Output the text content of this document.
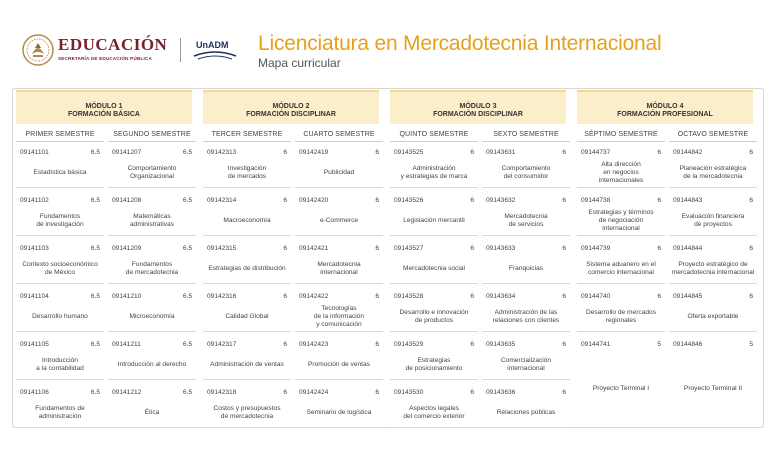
EDUCACIÓN
SECRETARÍA DE EDUCACIÓN PÚBLICA
UnADM Licenciatura en Mercadotecnia Internacional
Mapa curricular
MÓDULO 1
FORMACIÓN BÁSICA
MÓDULO 2
FORMACIÓN DISCIPLINAR
MÓDULO 3
FORMACIÓN DISCIPLINAR
MÓDULO 4
FORMACIÓN PROFESIONAL
PRIMER SEMESTRE
09141101	6.5
Estadística básica
09141102	6.5
Fundamentos
de investigación
09141103	6.5
Contexto socioeconómico
de México
09141104	6.5
Desarrollo humano
09141105	6.5
Introducción
a la contabilidad
09141106	6.5
Fundamentos de
administración
SEGUNDO SEMESTRE
09141207	6.5
Comportamiento
Organizacional
09141208	6.5
Matemáticas
administrativas
09141209	6.5
Fundamentos
de mercadotecnia
09141210	6.5
Microeconomía
09141211	6.5
Introducción al derecho
09141212	6.5
Ética
TERCER SEMESTRE
09142313	6
Investigación
de mercados
09142314	6
Macroeconomía
09142315	6
Estrategias de distribución
09142316	6
Calidad Global
09142317	6
Administración de ventas
09142318	6
Costos y presupuestos
de mercadotecnia
CUARTO SEMESTRE
09142419	6
Publicidad
09142420	6
e-Commerce
09142421	6
Mercadotecnia
internacional
09142422	6
Tecnologías
de la información
y comunicación
09142423	6
Promoción de ventas
09142424	6
Seminario de logística
QUINTO SEMESTRE
09143525	6
Administración
y estrategias de marca
09143526	6
Legislación mercantil
09143527	6
Mercadotecnia social
09143528	6
Desarrollo e innovación
de productos
09143529	6
Estrategias
de posicionamiento
09143530	6
Aspectos legales
del comercio exterior
SEXTO SEMESTRE
09143631	6
Comportamiento
del consumidor
09143632	6
Mercadotecnia
de servicios
09143633	6
Franquicias
09143634	6
Administración de las
relaciones con clientes
09143635	6
Comercialización
internacional
09143636	6
Relaciones públicas
SÉPTIMO SEMESTRE
09144737	6
Alta dirección
en negocios
internacionales
09144738	6
Estrategias y términos
de negociación
internacional
09144739	6
Sistema aduanero en el
comercio internacional
09144740	6
Desarrollo de mercados
regionales
09144741	5
Proyecto Terminal I
OCTAVO SEMESTRE
09144842	6
Planeación estratégica
de la mercadotecnia
09144843	6
Evaluación financiera
de proyectos
09144844	6
Proyecto estratégico de
mercadotecnia internacional
09144845	6
Oferta exportable
09144846	5
Proyecto Terminal II
